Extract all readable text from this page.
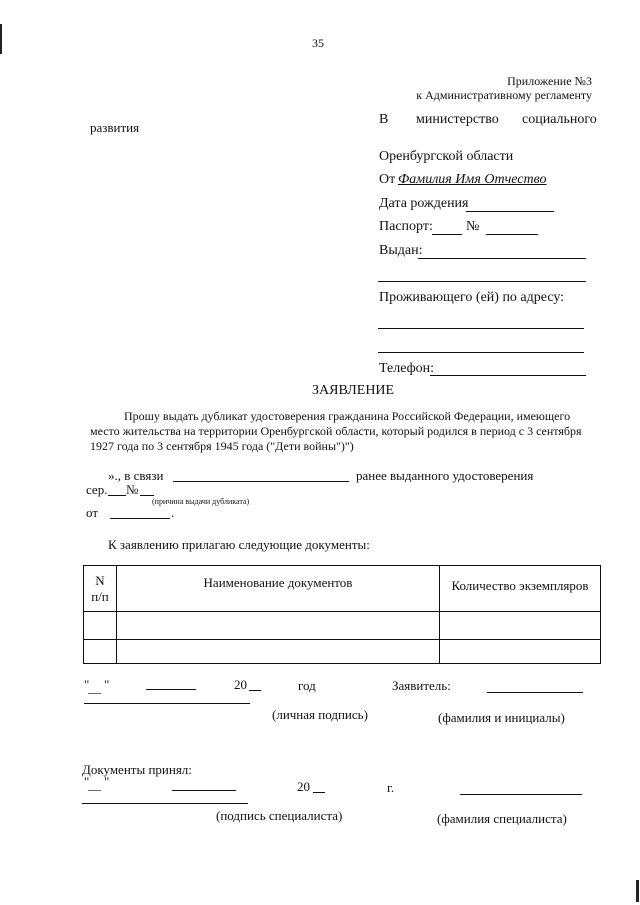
35
Приложение №3
к Административному регламенту
В министерство социального
развития
Оренбургской области
От Фамилия Имя Отчество
Дата рождения
Паспорт: №
Выдан:
Проживающего (ей) по адресу:
Телефон:
ЗАЯВЛЕНИЕ
Прошу выдать дубликат удостоверения гражданина Российской Федерации, имеющего
место жительства на территории Оренбургской области, который родился в период с 3 сентября
1927 года по 3 сентября 1945 года ("Дети войны")")
»., в связи	ранее выданного удостоверения
сер. №
(причина выдачи дубликата)
от	.
К заявлению прилагаю следующие документы:
N
п/п	Наименование документов	Количество экземпляров

"
__ "	20	год	Заявитель:
(личная подпись)	(фамилия и инициалы)
Документы принял:
"
__ "	20	г.
(подпись специалиста)	(фамилия специалиста)
